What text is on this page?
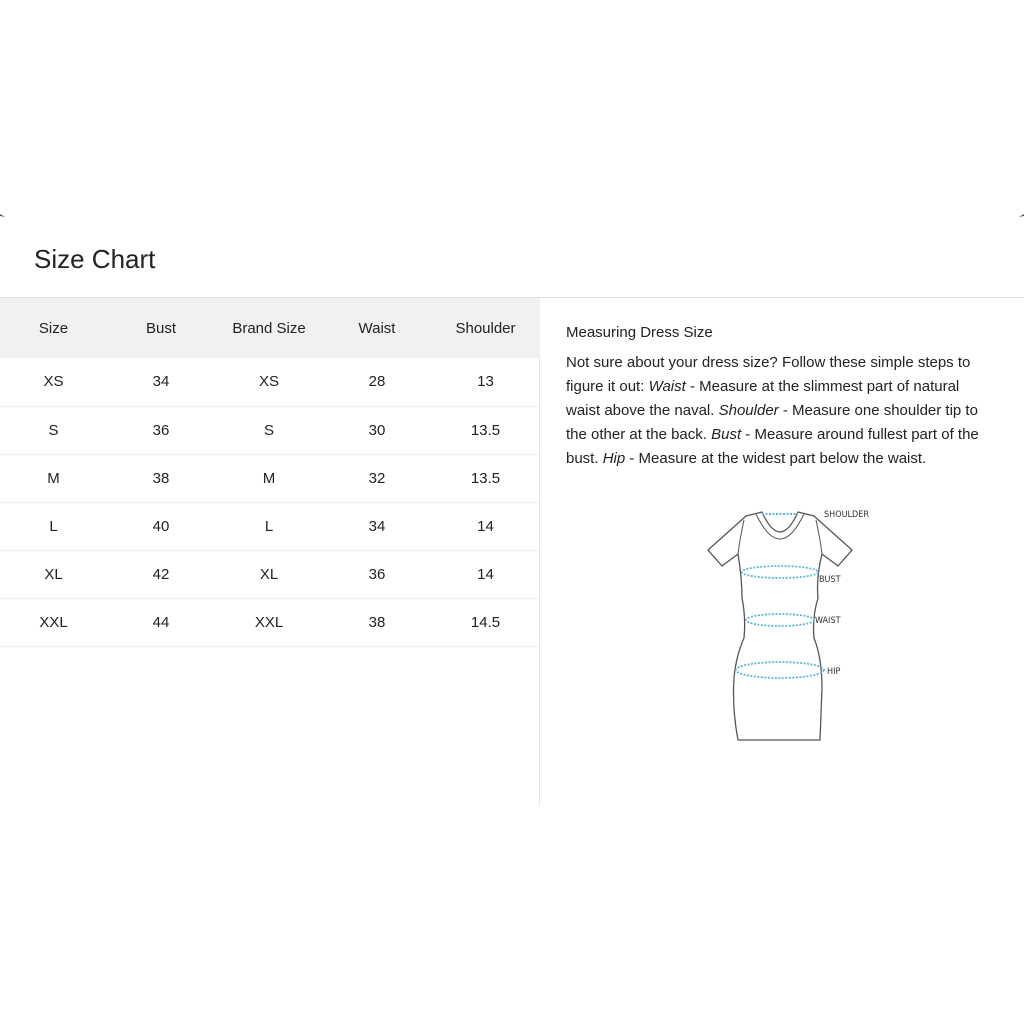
Size Chart
Size	Bust	Brand Size	Waist	Shoulder
XS	34	XS	28	13
S	36	S	30	13.5
M	38	M	32	13.5
L	40	L	34	14
XL	42	XL	36	14
XXL	44	XXL	38	14.5
Measuring Dress Size

Not sure about your dress size? Follow these simple steps to figure it out: Waist - Measure at the slimmest part of natural waist above the naval. Shoulder - Measure one shoulder tip to the other at the back. Bust - Measure around fullest part of the bust. Hip - Measure at the widest part below the waist.

SHOULDER
BUST
WAIST
HIP
